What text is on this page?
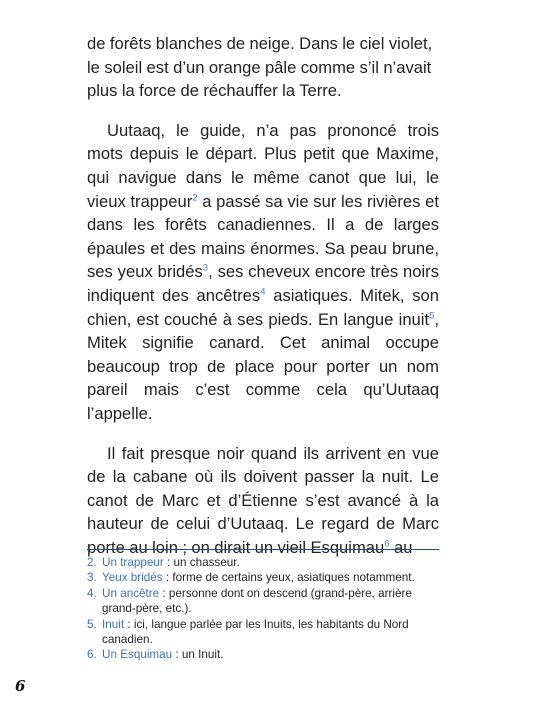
de forêts blanches de neige. Dans le ciel violet, le soleil est d’un orange pâle comme s’il n’avait plus la force de réchauffer la Terre.

Uutaaq, le guide, n’a pas prononcé trois mots depuis le départ. Plus petit que Maxime, qui navigue dans le même canot que lui, le vieux trappeur$^2$ a passé sa vie sur les rivières et dans les forêts canadiennes. Il a de larges épaules et des mains énormes. Sa peau brune, ses yeux bridés$^3$, ses cheveux encore très noirs indiquent des ancêtres$^4$ asiatiques. Mitek, son chien, est couché à ses pieds. En langue inuit$^5$, Mitek signifie canard. Cet animal occupe beaucoup trop de place pour porter un nom pareil mais c’est comme cela qu’Uutaaq l’appelle.

Il fait presque noir quand ils arrivent en vue de la cabane où ils doivent passer la nuit. Le canot de Marc et d’Étienne s’est avancé à la hauteur de celui d’Uutaaq. Le regard de Marc porte au loin ; on dirait un vieil Esquimau$^6$ au

2. Un trappeur : un chasseur.

3. Yeux bridés : forme de certains yeux, asiatiques notamment.

4. Un ancêtre : personne dont on descend (grand-père, arrière grand-père, etc.).

5. Inuit : ici, langue parlée par les Inuits, les habitants du Nord canadien.

6. Un Esquimau : un Inuit.

6
